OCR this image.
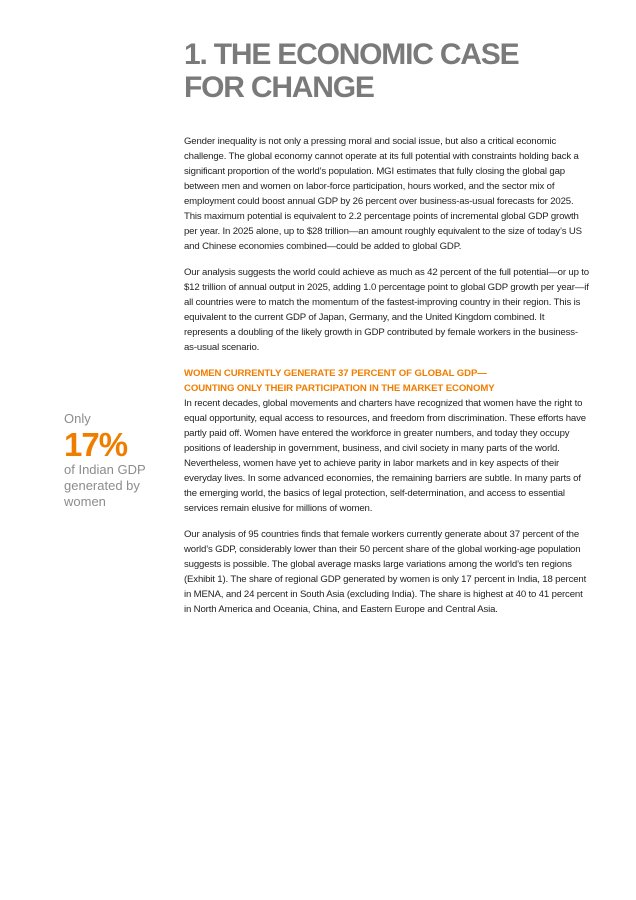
1. THE ECONOMIC CASE
FOR CHANGE
Only
17%
of Indian GDP
generated by
women

Gender inequality is not only a pressing moral and social issue, but also a critical economic challenge. The global economy cannot operate at its full potential with constraints holding back a significant proportion of the world’s population. MGI estimates that fully closing the global gap between men and women on labor-force participation, hours worked, and the sector mix of employment could boost annual GDP by 26 percent over business-as-usual forecasts for 2025. This maximum potential is equivalent to 2.2 percentage points of incremental global GDP growth per year. In 2025 alone, up to $28 trillion—an amount roughly equivalent to the size of today’s US and Chinese economies combined—could be added to global GDP.

Our analysis suggests the world could achieve as much as 42 percent of the full potential—or up to $12 trillion of annual output in 2025, adding 1.0 percentage point to global GDP growth per year—if all countries were to match the momentum of the fastest-improving country in their region. This is equivalent to the current GDP of Japan, Germany, and the United Kingdom combined. It represents a doubling of the likely growth in GDP contributed by female workers in the business-as-usual scenario.

WOMEN CURRENTLY GENERATE 37 PERCENT OF GLOBAL GDP—
COUNTING ONLY THEIR PARTICIPATION IN THE MARKET ECONOMY

In recent decades, global movements and charters have recognized that women have the right to equal opportunity, equal access to resources, and freedom from discrimination. These efforts have partly paid off. Women have entered the workforce in greater numbers, and today they occupy positions of leadership in government, business, and civil society in many parts of the world. Nevertheless, women have yet to achieve parity in labor markets and in key aspects of their everyday lives. In some advanced economies, the remaining barriers are subtle. In many parts of the emerging world, the basics of legal protection, self-determination, and access to essential services remain elusive for millions of women.

Our analysis of 95 countries finds that female workers currently generate about 37 percent of the world’s GDP, considerably lower than their 50 percent share of the global working-age population suggests is possible. The global average masks large variations among the world’s ten regions (Exhibit 1). The share of regional GDP generated by women is only 17 percent in India, 18 percent in MENA, and 24 percent in South Asia (excluding India). The share is highest at 40 to 41 percent in North America and Oceania, China, and Eastern Europe and Central Asia.
